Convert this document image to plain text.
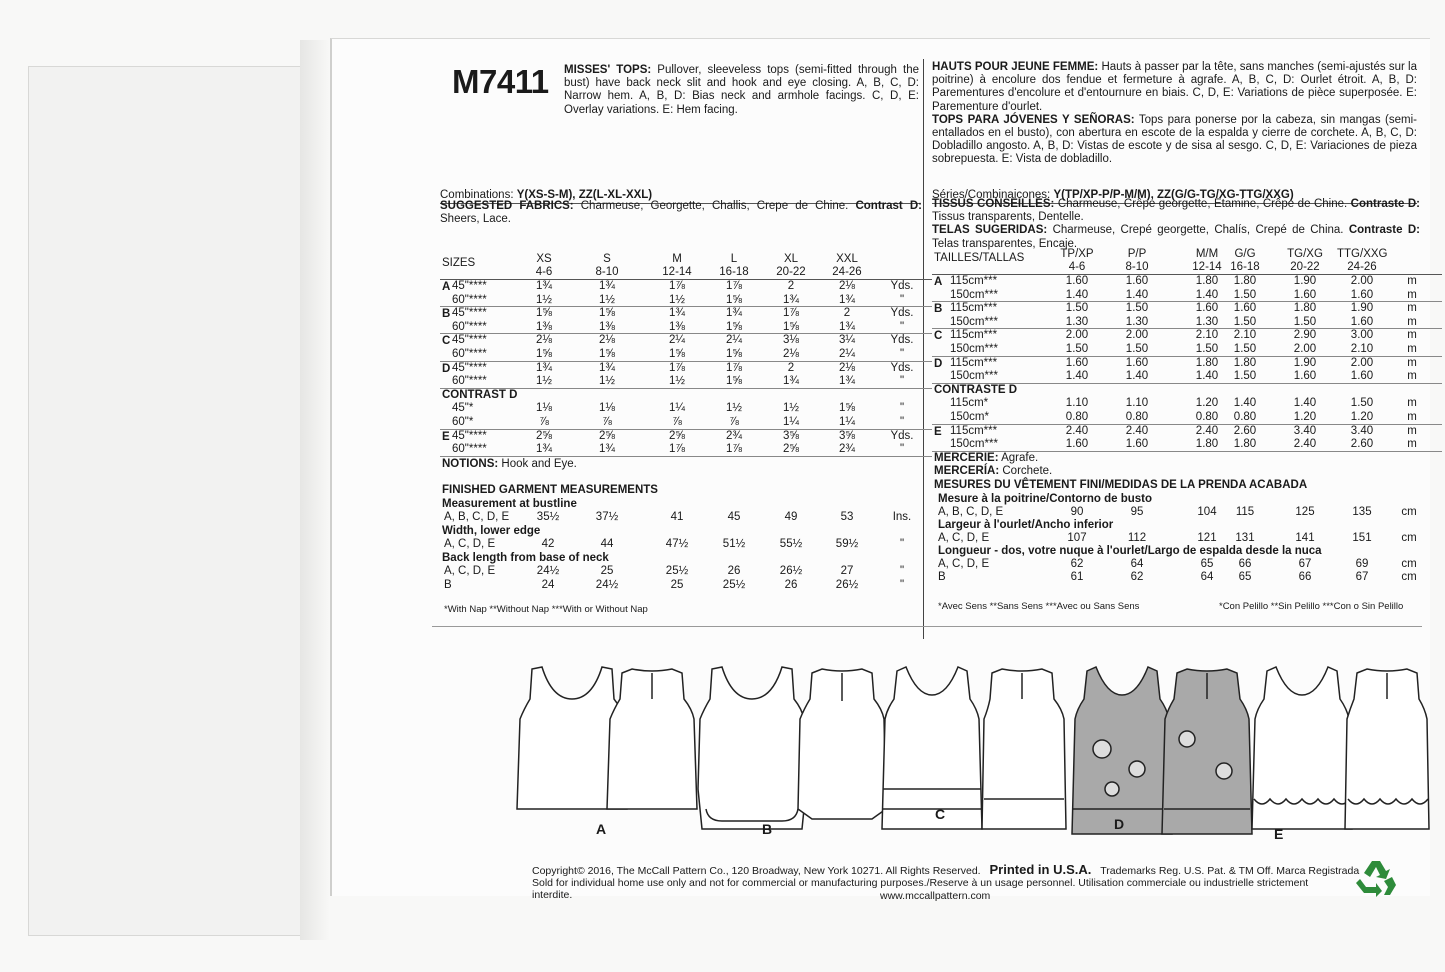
M7411 MISSES' TOPS: Pullover, sleeveless tops (semi-fitted through the bust) have back neck slit and hook and eye closing. A, B, C, D: Narrow hem. A, B, D: Bias neck and armhole facings. C, D, E: Overlay variations. E: Hem facing.
HAUTS POUR JEUNE FEMME: Hauts à passer par la tête, sans manches (semi-ajustés sur la poitrine) à encolure dos fendue et fermeture à agrafe. A, B, C, D: Ourlet étroit. A, B, D: Parementures d'encolure et d'entournure en biais. C, D, E: Variations de pièce superposée. E: Parementure d'ourlet.
TOPS PARA JÓVENES Y SEÑORAS: Tops para ponerse por la cabeza, sin mangas (semi-entallados en el busto), con abertura en escote de la espalda y cierre de corchete. A, B, C, D: Dobladillo angosto. A, B, D: Vistas de escote y de sisa al sesgo. C, D, E: Variaciones de pieza sobrepuesta. E: Vista de dobladillo.
Combinations: Y(XS-S-M), ZZ(L-XL-XXL)
SUGGESTED FABRICS: Charmeuse, Georgette, Challis, Crepe de Chine. Contrast D: Sheers, Lace.
Séries/Combinaicones: Y(TP/XP-P/P-M/M), ZZ(G/G-TG/XG-TTG/XXG)
TISSUS CONSEILLÉS: Charmeuse, Crêpe georgette, Etamine, Crêpe de Chine. Contraste D: Tissus transparents, Dentelle.
TELAS SUGERIDAS: Charmeuse, Crepé georgette, Chalís, Crepé de China. Contraste D: Telas transparentes, Encaje.
A	B
C
D
E
Copyright© 2016, The McCall Pattern Co., 120 Broadway, New York 10271. All Rights Reserved. Printed in U.S.A. Trademarks Reg. U.S. Pat. & TM Off. Marca Registrada
Sold for individual home use only and not for commercial or manufacturing purposes./Reserve à un usage personnel. Utilisation commerciale ou industrielle strictement interdite.	www.mccallpattern.com
SIZES	XS	S	M	L	XL	XXL
4-6	8-10	12-14	16-18	20-22	24-26
A 45"****	1¾	1¾	1⅞	1⅞	2	2⅛	Yds.
60"****	1½	1½	1½	1⅝	1¾	1¾	"
B 45"****	1⅝	1⅝	1¾	1¾	1⅞	2	Yds.
60"****	1⅜	1⅜	1⅜	1⅝	1⅝	1¾	"
C 45"****	2⅛	2⅛	2¼	2¼	3⅛	3¼	Yds.
60"****	1⅝	1⅝	1⅝	1⅝	2⅛	2¼	"
D 45"****	1¾	1¾	1⅞	1⅞	2	2⅛	Yds.
60"****	1½	1½	1½	1⅝	1¾	1¾	"
CONTRAST D
45"*	1⅛	1⅛	1¼	1½	1½	1⅝	"
60"*	⅞	⅞	⅞	⅞	1¼	1¼	"
E 45"****	2⅝	2⅝	2⅝	2¾	3⅝	3⅝	Yds.
60"****	1¾	1¾	1⅞	1⅞	2⅝	2¾	"
NOTIONS: Hook and Eye.
FINISHED GARMENT MEASUREMENTS
Measurement at bustline
A, B, C, D, E	35½	37½	41	45	49	53	Ins.
Width, lower edge
A, C, D, E	42	44	47½	51½	55½	59½	"
Back length from base of neck
A, C, D, E	24½	25	25½	26	26½	27	"
B	24	24½	25	25½	26	26½	"
*With Nap **Without Nap ***With or Without Nap
TAILLES/TALLAS	TP/XP	P/P	M/M	G/G	TG/XG	TTG/XXG
4-6	8-10	12-14 16-18	20-22	24-26
A 115cm***	1.60	1.60	1.80	1.80	1.90	2.00	m
150cm***	1.40	1.40	1.40	1.50	1.60	1.60	m
B 115cm***	1.50	1.50	1.60	1.60	1.80	1.90	m
150cm***	1.30	1.30	1.30	1.50	1.50	1.60	m
C 115cm***	2.00	2.00	2.10	2.10	2.90	3.00	m
150cm***	1.50	1.50	1.50	1.50	2.00	2.10	m
D 115cm***	1.60	1.60	1.80	1.80	1.90	2.00	m
150cm***	1.40	1.40	1.40	1.50	1.60	1.60	m
CONTRASTE D
115cm*	1.10	1.10	1.20	1.40	1.40	1.50	m
150cm*	0.80	0.80	0.80	0.80	1.20	1.20	m
E 115cm***	2.40	2.40	2.40	2.60	3.40	3.40	m
150cm***	1.60	1.60	1.80	1.80	2.40	2.60	m
MERCERIE: Agrafe.
MERCERÍA: Corchete.
MESURES DU VÊTEMENT FINI/MEDIDAS DE LA PRENDA ACABADA
Mesure à la poitrine/Contorno de busto
A, B, C, D, E	90	95	104	115	125	135	cm
Largeur à l'ourlet/Ancho inferior
A, C, D, E	107	112	121	131	141	151	cm
Longueur - dos, votre nuque à l'ourlet/Largo de espalda desde la nuca
A, C, D, E	62	64	65	66	67	69	cm
B	61	62	64	65	66	67	cm
*Avec Sens **Sans Sens ***Avec ou Sans Sens	*Con Pelillo **Sin Pelillo ***Con o Sin Pelillo
